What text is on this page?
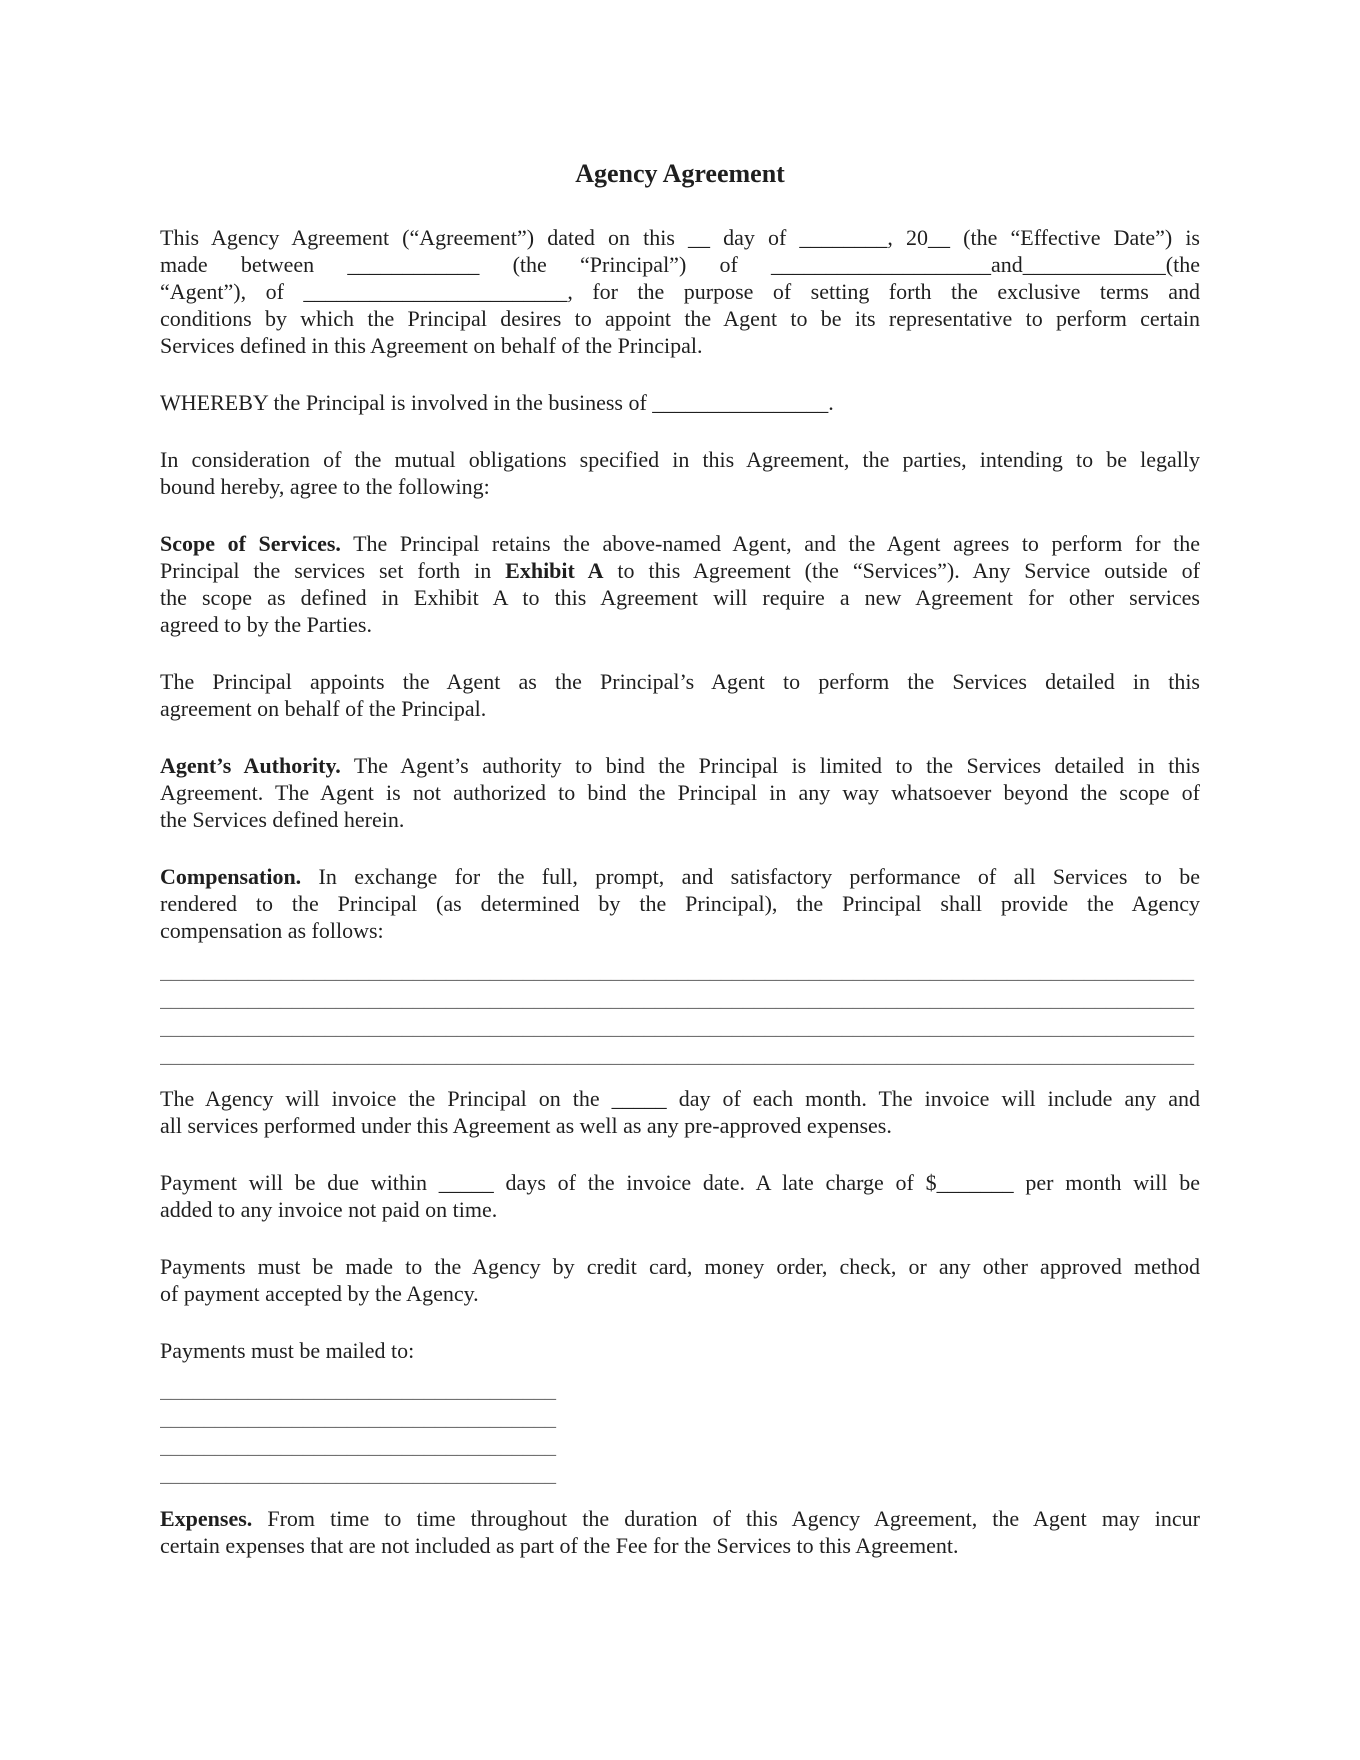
Agency Agreement
This Agency Agreement (“Agreement”) dated on this __ day of ________, 20__ (the “Effective Date”) is
made between ____________ (the “Principal”) of ____________________and_____________(the
“Agent”), of ________________________, for the purpose of setting forth the exclusive terms and
conditions by which the Principal desires to appoint the Agent to be its representative to perform certain
Services defined in this Agreement on behalf of the Principal.
WHEREBY the Principal is involved in the business of ________________.
In consideration of the mutual obligations specified in this Agreement, the parties, intending to be legally
bound hereby, agree to the following:
Scope of Services. The Principal retains the above-named Agent, and the Agent agrees to perform for the
Principal the services set forth in Exhibit A to this Agreement (the “Services”). Any Service outside of
the scope as defined in Exhibit A to this Agreement will require a new Agreement for other services
agreed to by the Parties.
The Principal appoints the Agent as the Principal’s Agent to perform the Services detailed in this
agreement on behalf of the Principal.
Agent’s Authority. The Agent’s authority to bind the Principal is limited to the Services detailed in this
Agreement. The Agent is not authorized to bind the Principal in any way whatsoever beyond the scope of
the Services defined herein.
Compensation. In exchange for the full, prompt, and satisfactory performance of all Services to be
rendered to the Principal (as determined by the Principal), the Principal shall provide the Agency
compensation as follows:
______________________________________________________________________________________________
______________________________________________________________________________________________
______________________________________________________________________________________________
______________________________________________________________________________________________
The Agency will invoice the Principal on the _____ day of each month. The invoice will include any and
all services performed under this Agreement as well as any pre-approved expenses.
Payment will be due within _____ days of the invoice date. A late charge of $_______ per month will be
added to any invoice not paid on time.
Payments must be made to the Agency by credit card, money order, check, or any other approved method
of payment accepted by the Agency.
Payments must be mailed to:
____________________________________
____________________________________
____________________________________
____________________________________
Expenses. From time to time throughout the duration of this Agency Agreement, the Agent may incur
certain expenses that are not included as part of the Fee for the Services to this Agreement.
